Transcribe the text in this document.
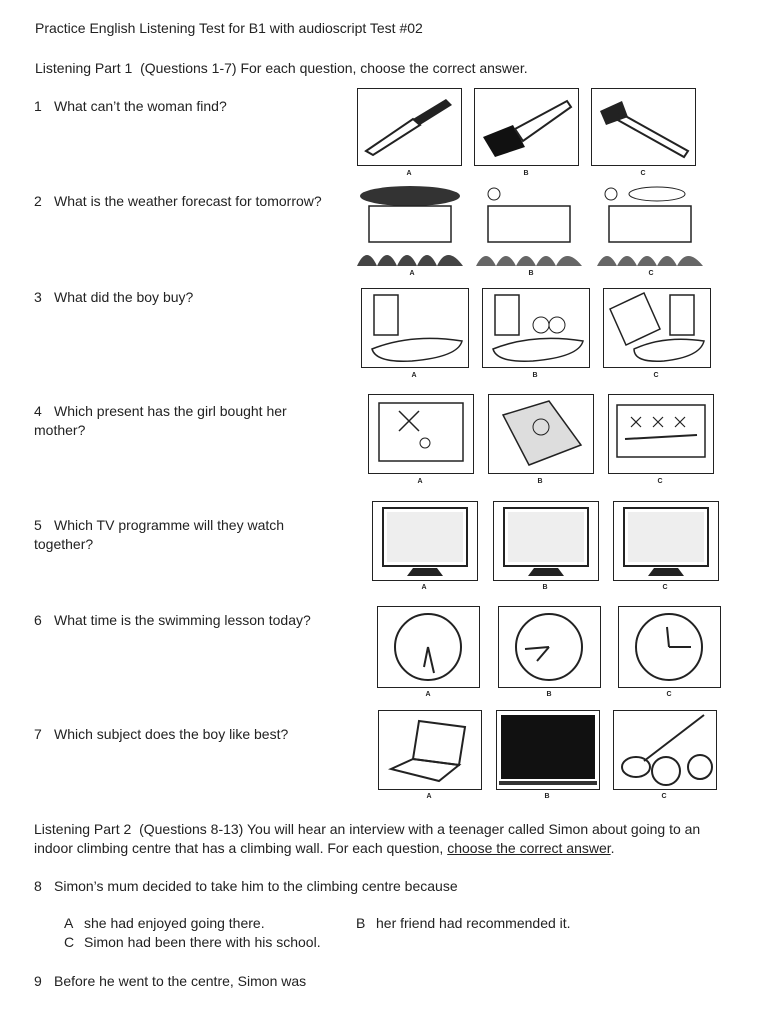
Practice English Listening Test for B1 with audioscript Test #02
Listening Part 1 (Questions 1-7) For each question, choose the correct answer.
1 What can’t the woman find?
2 What is the weather forecast for tomorrow?
3 What did the boy buy?
4 Which present has the girl bought her mother?
5 Which TV programme will they watch together?
6 What time is the swimming lesson today?
7 Which subject does the boy like best?
A	B	C
A	B	C
A	B	C
A	B	C
A	B	C
A	B	C
A	B	C
Listening Part 2 (Questions 8-13) You will hear an interview with a teenager called Simon about going to an indoor climbing centre that has a climbing wall. For each question, choose the correct answer.
8 Simon’s mum decided to take him to the climbing centre because
A she had enjoyed going there.	B her friend had recommended it.
C Simon had been there with his school.
9 Before he went to the centre, Simon was
